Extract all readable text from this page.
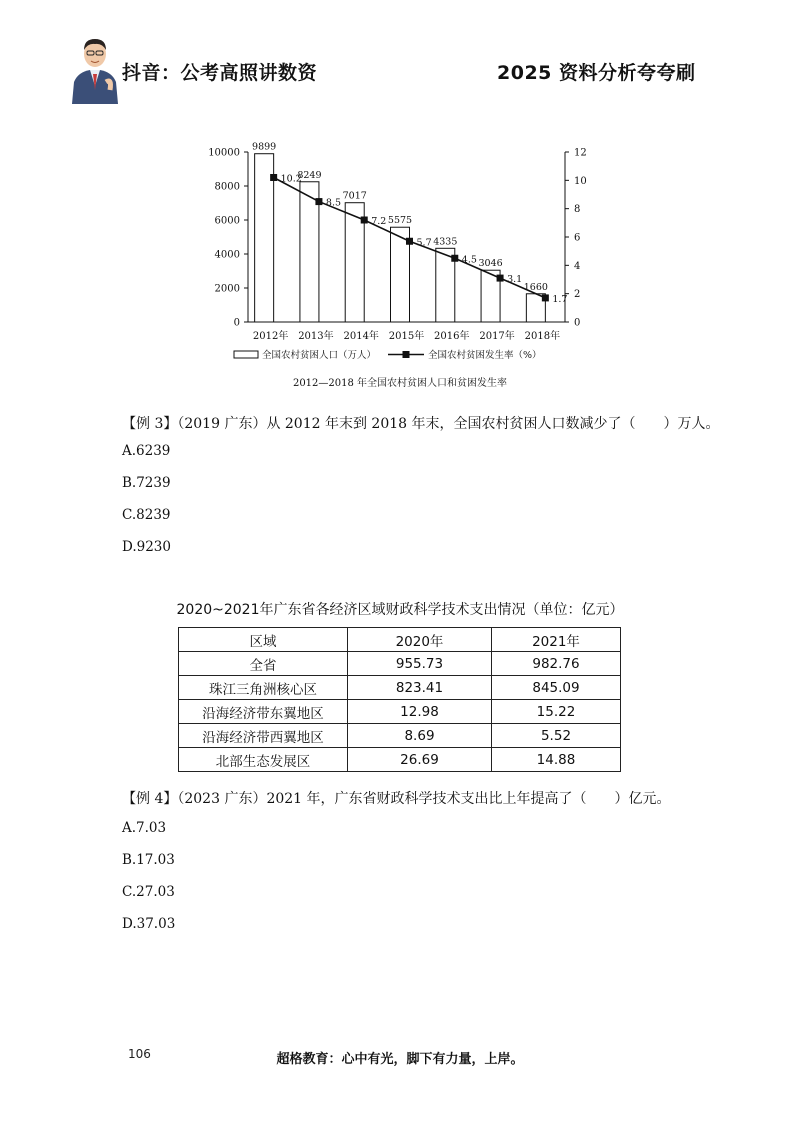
抖音：公考高照讲数资	2025 资料分析夸夸刷
0
2000
4000
6000
8000
10000
0
2
4
6
8
10
12
9899
2012年
8249
2013年
7017
2014年
5575
2015年
4335
2016年
3046
2017年
1660
2018年
10.2
8.5
7.2
5.7
4.5
3.1
1.7
全国农村贫困人口（万人）	全国农村贫困发生率（%）
2012—2018 年全国农村贫困人口和贫困发生率
【例 3】（2019 广东）从 2012 年末到 2018 年末，全国农村贫困人口数减少了（　　）万人。
A.6239
B.7239
C.8239
D.9230
2020~2021年广东省各经济区域财政科学技术支出情况（单位：亿元）
区域	2020年	2021年
全省	955.73	982.76
珠江三角洲核心区	823.41	845.09
沿海经济带东翼地区	12.98	15.22
沿海经济带西翼地区	8.69	5.52
北部生态发展区	26.69	14.88
【例 4】（2023 广东）2021 年，广东省财政科学技术支出比上年提高了（　　）亿元。
A.7.03
B.17.03
C.27.03
D.37.03
106	超格教育：心中有光，脚下有力量，上岸。
